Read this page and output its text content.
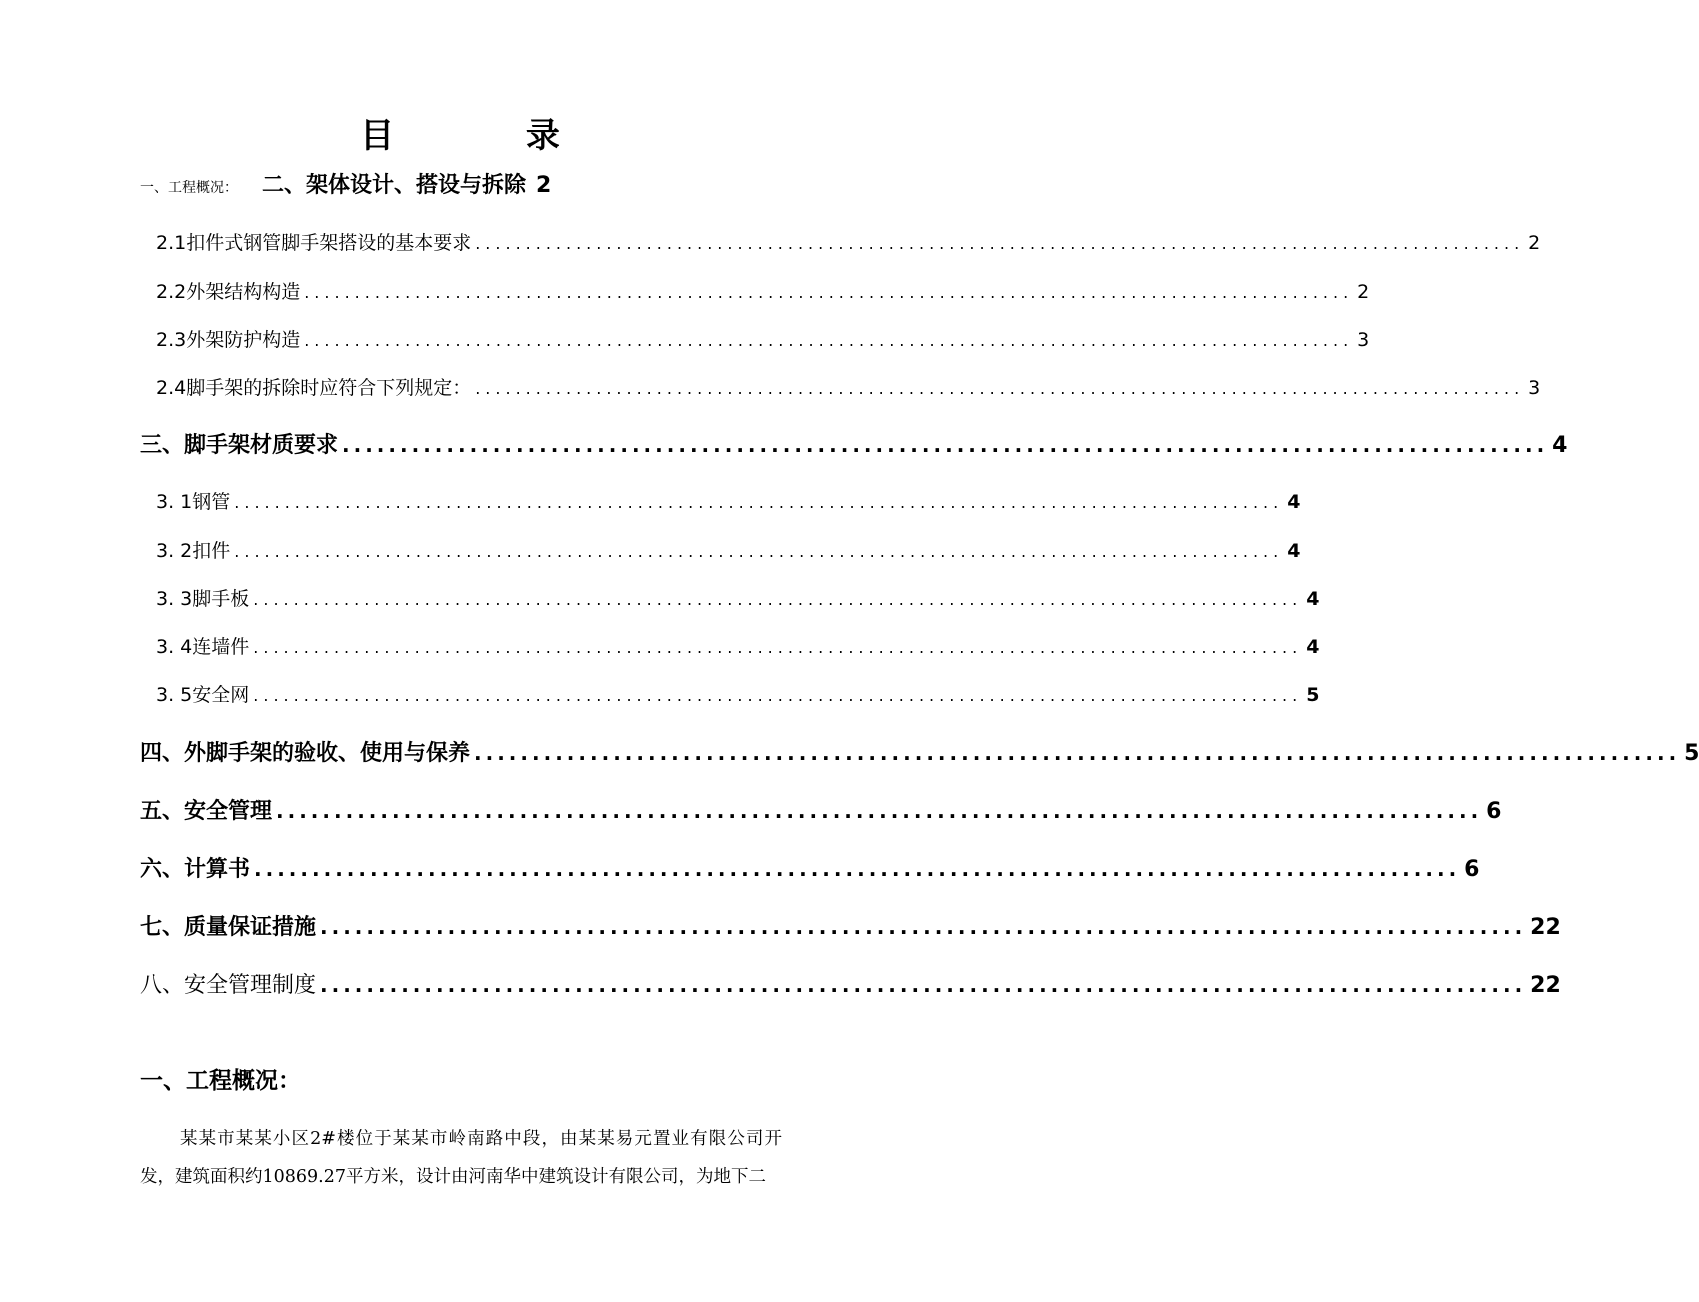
目 录
一、工程概况： 二、架体设计、搭设与拆除 2
2.1扣件式钢管脚手架搭设的基本要求 ........................................................................................................ 2
2.2外架结构构造 ........................................................................................................ 2
2.3外架防护构造 ........................................................................................................ 3
2.4脚手架的拆除时应符合下列规定： ........................................................................................................ 3
三、脚手架材质要求 ........................................................................................................ 4
3. 1钢管 ........................................................................................................ 4
3. 2扣件 ........................................................................................................ 4
3. 3脚手板 ........................................................................................................ 4
3. 4连墙件 ........................................................................................................ 4
3. 5安全网 ........................................................................................................ 5
四、外脚手架的验收、使用与保养 ........................................................................................................ 5
五、安全管理 ........................................................................................................ 6
六、计算书 ........................................................................................................ 6
七、质量保证措施 ........................................................................................................ 22
八、安全管理制度 ........................................................................................................ 22
一、工程概况：
某某市某某小区2#楼位于某某市岭南路中段，由某某易元置业有限公司开发，建筑面积约10869.27平方米，设计由河南华中建筑设计有限公司，为地下二
